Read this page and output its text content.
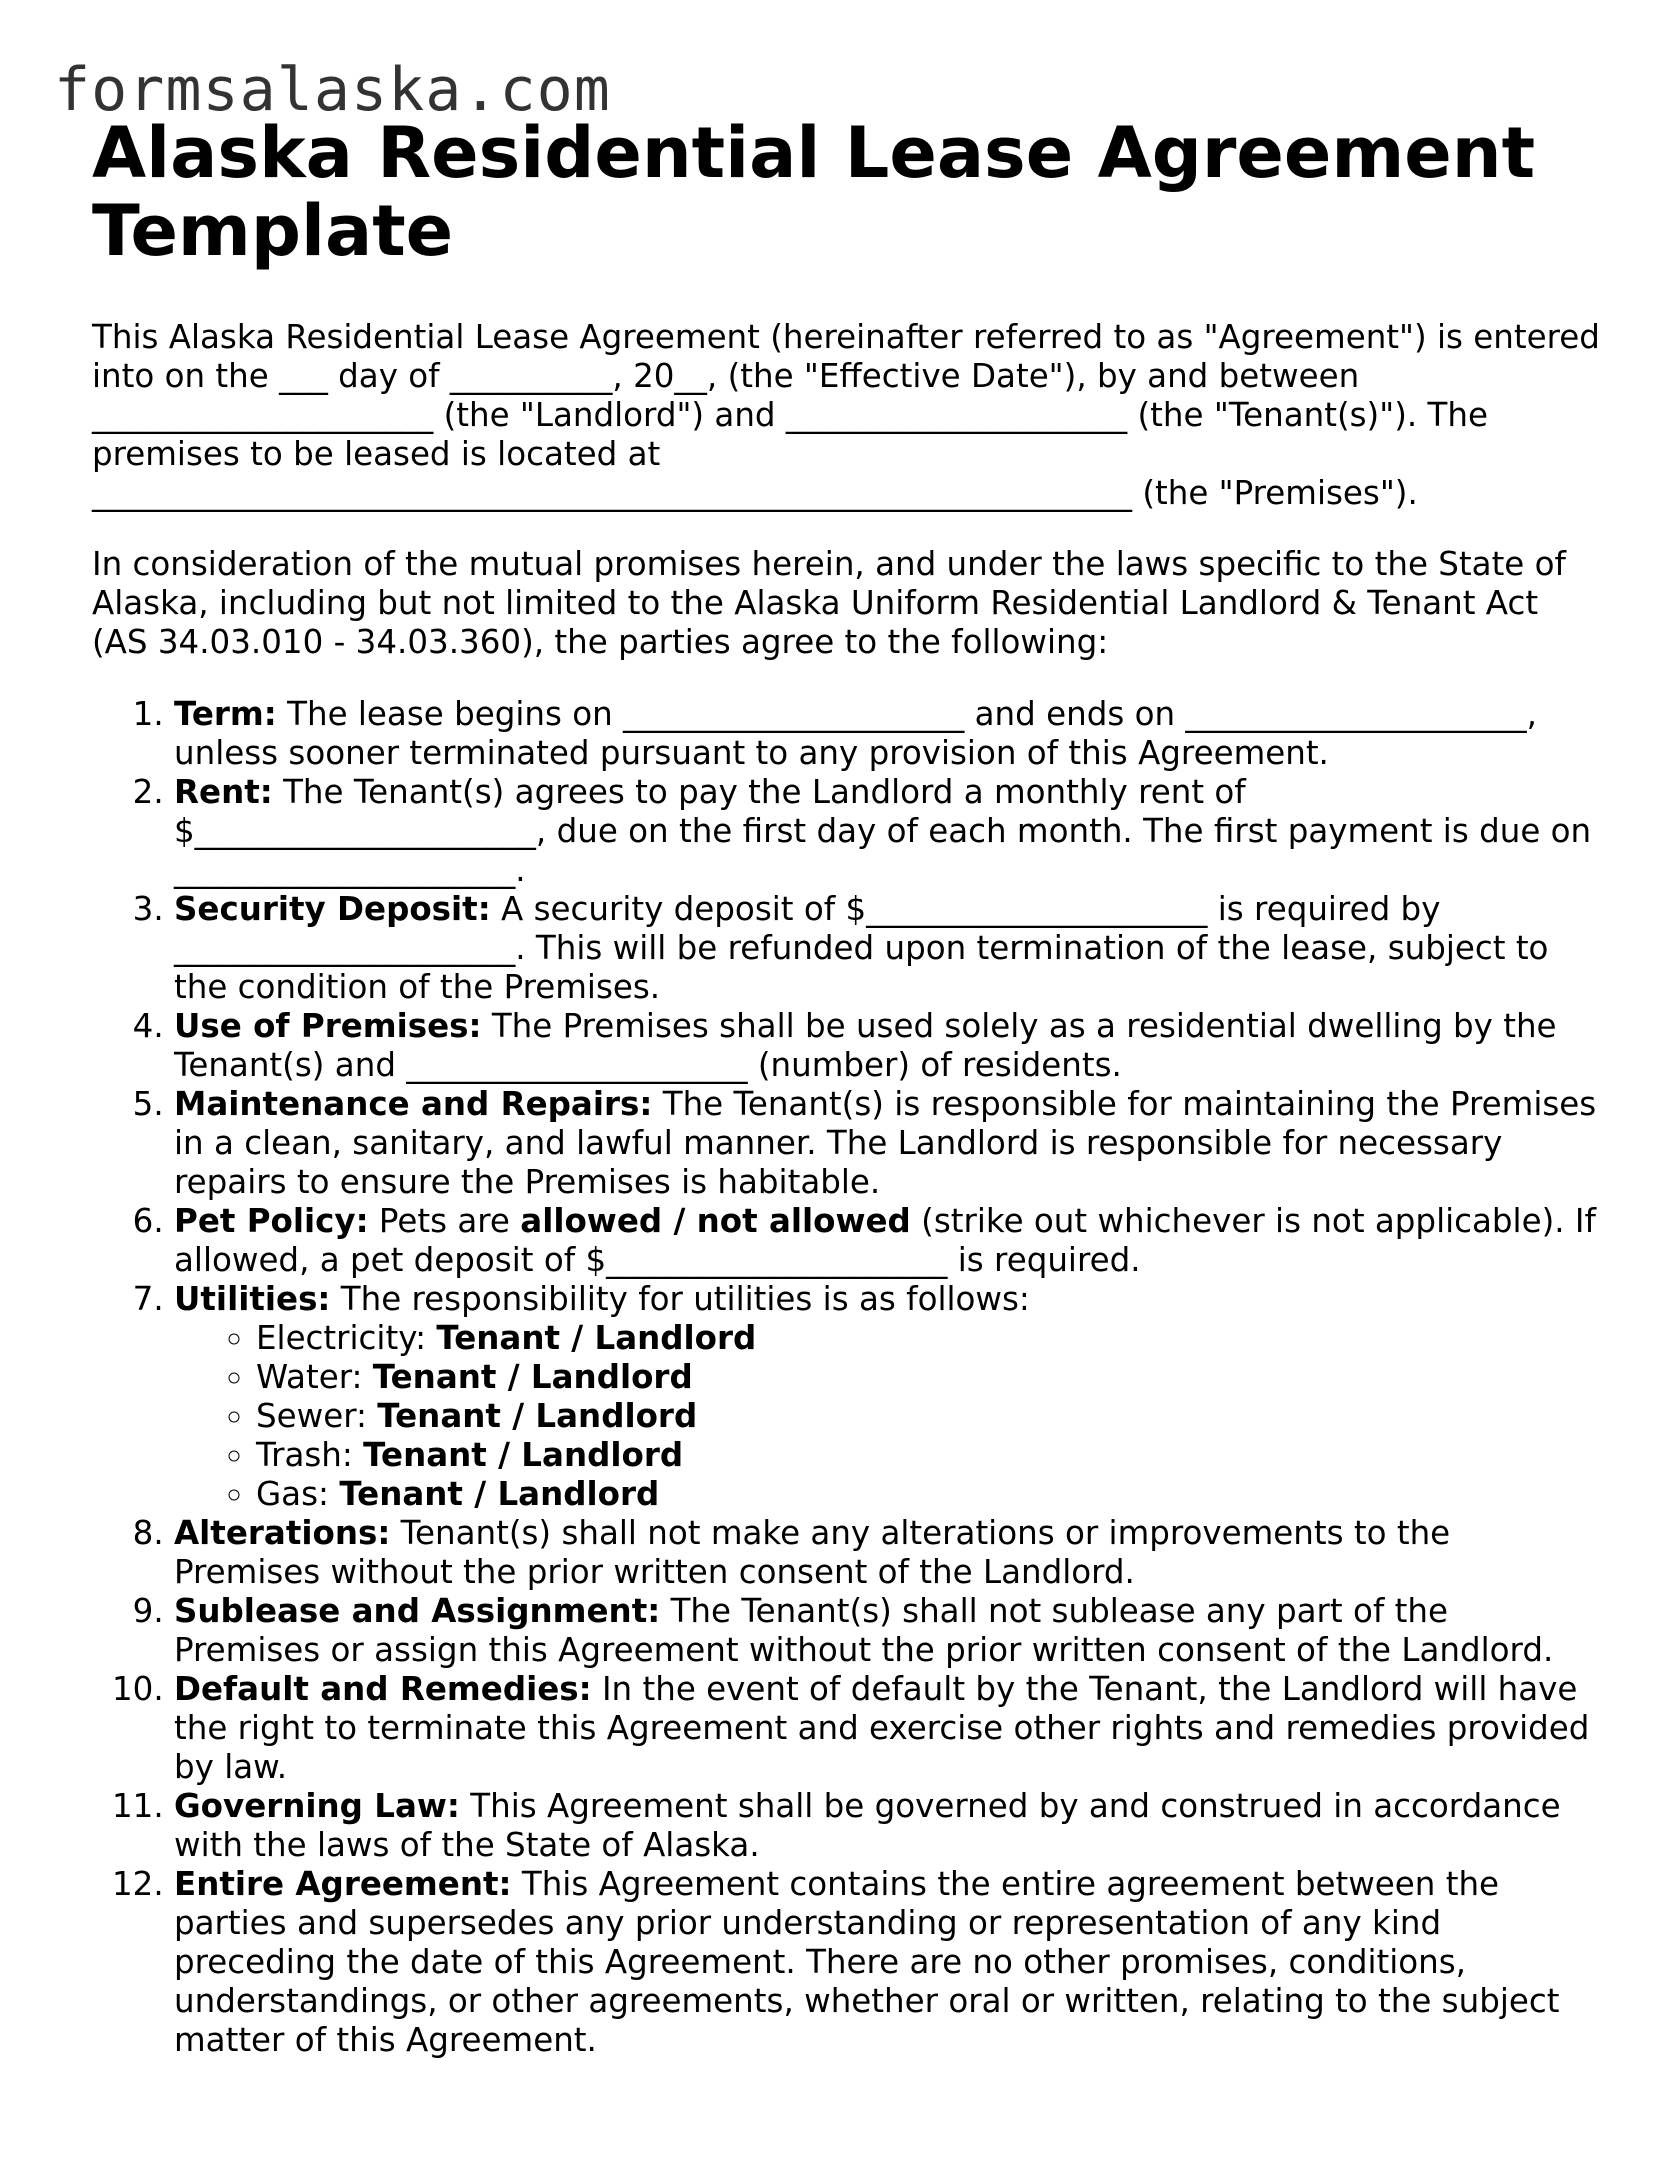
formsalaska.com
Alaska Residential Lease Agreement Template

This Alaska Residential Lease Agreement (hereinafter referred to as "Agreement") is entered into on the ___ day of __________, 20__, (the "Effective Date"), by and between _____________________ (the "Landlord") and _____________________ (the "Tenant(s)"). The premises to be leased is located at ________________________________________________________________ (the "Premises").

In consideration of the mutual promises herein, and under the laws specific to the State of Alaska, including but not limited to the Alaska Uniform Residential Landlord & Tenant Act (AS 34.03.010 - 34.03.360), the parties agree to the following:

1. Term: The lease begins on _____________________ and ends on _____________________, unless sooner terminated pursuant to any provision of this Agreement.
2. Rent: The Tenant(s) agrees to pay the Landlord a monthly rent of $_____________________, due on the first day of each month. The first payment is due on _____________________.
3. Security Deposit: A security deposit of $_____________________ is required by _____________________. This will be refunded upon termination of the lease, subject to the condition of the Premises.
4. Use of Premises: The Premises shall be used solely as a residential dwelling by the Tenant(s) and _____________________ (number) of residents.
5. Maintenance and Repairs: The Tenant(s) is responsible for maintaining the Premises in a clean, sanitary, and lawful manner. The Landlord is responsible for necessary repairs to ensure the Premises is habitable.
6. Pet Policy: Pets are allowed / not allowed (strike out whichever is not applicable). If allowed, a pet deposit of $_____________________ is required.
7. Utilities: The responsibility for utilities is as follows:
◦ Electricity: Tenant / Landlord
◦ Water: Tenant / Landlord
◦ Sewer: Tenant / Landlord
◦ Trash: Tenant / Landlord
◦ Gas: Tenant / Landlord
8. Alterations: Tenant(s) shall not make any alterations or improvements to the Premises without the prior written consent of the Landlord.
9. Sublease and Assignment: The Tenant(s) shall not sublease any part of the Premises or assign this Agreement without the prior written consent of the Landlord.
10. Default and Remedies: In the event of default by the Tenant, the Landlord will have the right to terminate this Agreement and exercise other rights and remedies provided by law.
11. Governing Law: This Agreement shall be governed by and construed in accordance with the laws of the State of Alaska.
12. Entire Agreement: This Agreement contains the entire agreement between the parties and supersedes any prior understanding or representation of any kind preceding the date of this Agreement. There are no other promises, conditions, understandings, or other agreements, whether oral or written, relating to the subject matter of this Agreement.
